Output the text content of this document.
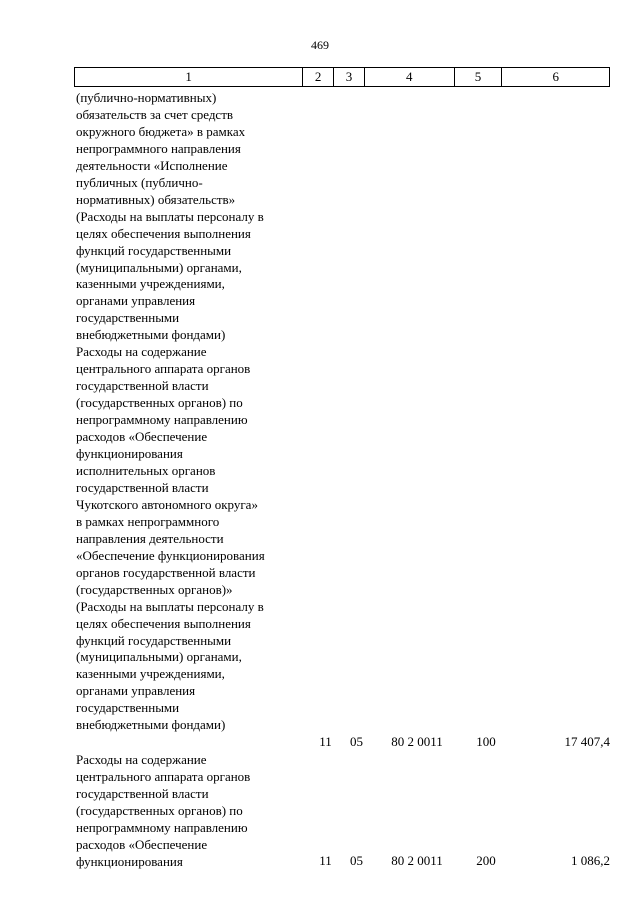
469
1	2	3	4	5	6
(публично-нормативных)
обязательств за счет средств
окружного бюджета» в рамках
непрограммного направления
деятельности «Исполнение
публичных (публично-
нормативных) обязательств»
(Расходы на выплаты персоналу в
целях обеспечения выполнения
функций государственными
(муниципальными) органами,
казенными учреждениями,
органами управления
государственными
внебюджетными фондами)
Расходы на содержание
центрального аппарата органов
государственной власти
(государственных органов) по
непрограммному направлению
расходов «Обеспечение
функционирования
исполнительных органов
государственной власти
Чукотского автономного округа»
в рамках непрограммного
направления деятельности
«Обеспечение функционирования
органов государственной власти
(государственных органов)»
(Расходы на выплаты персоналу в
целях обеспечения выполнения
функций государственными
(муниципальными) органами,
казенными учреждениями,
органами управления
государственными
внебюджетными фондами)
11	05	80 2 0011	100	17 407,4
Расходы на содержание
центрального аппарата органов
государственной власти
(государственных органов) по
непрограммному направлению
расходов «Обеспечение
функционирования	11	05	80 2 0011	200	1 086,2
